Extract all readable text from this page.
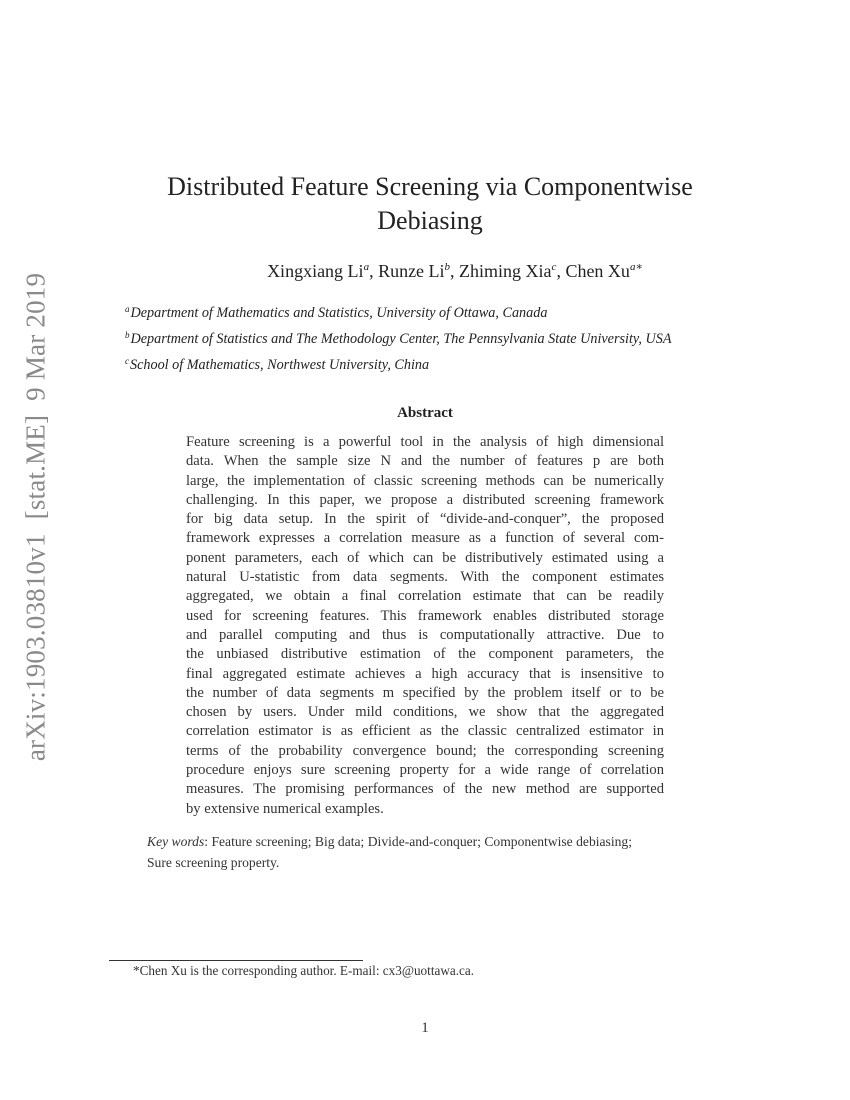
arXiv:1903.03810v1[stat.ME]9 Mar 2019
Distributed Feature Screening via Componentwise
Debiasing
Xingxiang Li$^a$, Runze Li$^b$, Zhiming Xia$^c$, Chen $Xu^{a∗}$
$^a$Department of Mathematics and Statistics, University of Ottawa, Canada
$^b$Department of Statistics and The Methodology Center, The Pennsylvania State University, USA
$^c$School of Mathematics, Northwest University, China
Abstract
Feature screening is a powerful tool in the analysis of high dimensional
data. When the sample size N and the number of features p are both
large, the implementation of classic screening methods can be numerically
challenging. In this paper, we propose a distributed screening framework
for big data setup. In the spirit of “divide-and-conquer”, the proposed
framework expresses a correlation measure as a function of several com-
ponent parameters, each of which can be distributively estimated using a
natural U-statistic from data segments. With the component estimates
aggregated, we obtain a final correlation estimate that can be readily
used for screening features. This framework enables distributed storage
and parallel computing and thus is computationally attractive. Due to
the unbiased distributive estimation of the component parameters, the
final aggregated estimate achieves a high accuracy that is insensitive to
the number of data segments m specified by the problem itself or to be
chosen by users. Under mild conditions, we show that the aggregated
correlation estimator is as efficient as the classic centralized estimator in
terms of the probability convergence bound; the corresponding screening
procedure enjoys sure screening property for a wide range of correlation
measures. The promising performances of the new method are supported
by extensive numerical examples.
Key words: Feature screening; Big data; Divide-and-conquer; Componentwise debiasing;
Sure screening property.
*Chen Xu is the corresponding author. E-mail: cx3@uottawa.ca.
1
